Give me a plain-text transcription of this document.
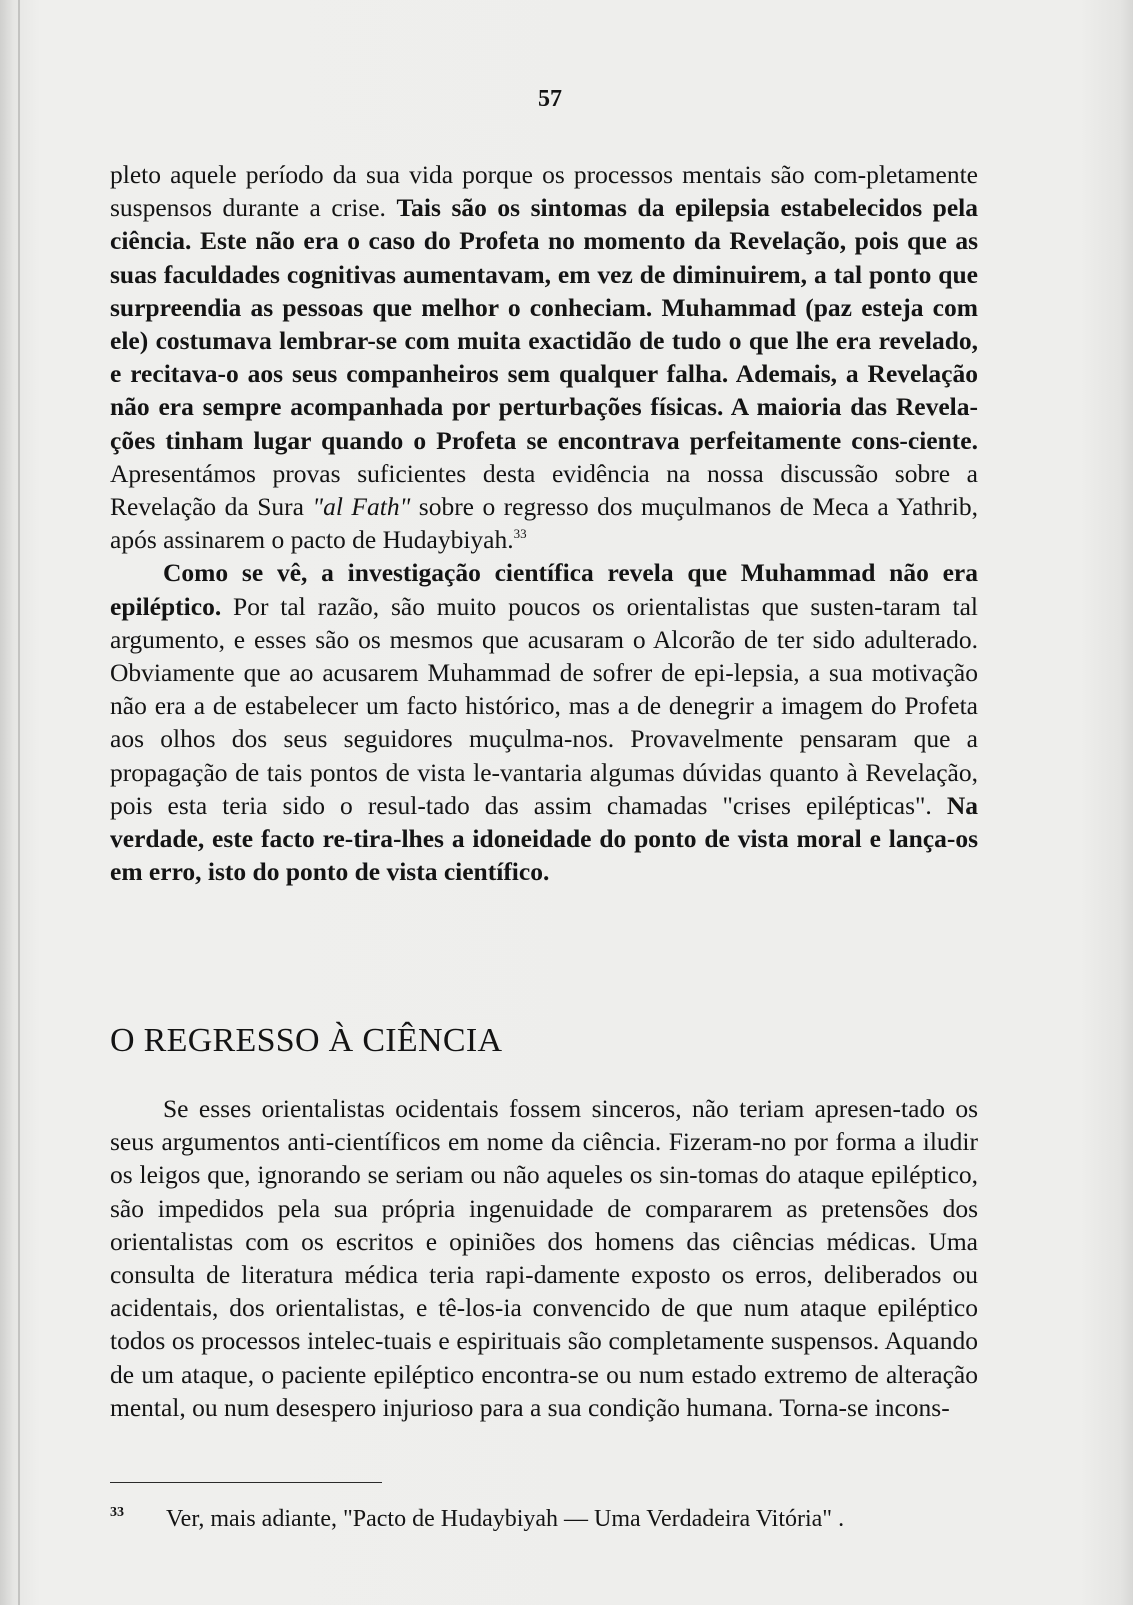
57

pleto aquele período da sua vida porque os processos mentais são com-pletamente suspensos durante a crise. Tais são os sintomas da epilepsia estabelecidos pela ciência. Este não era o caso do Profeta no momento da Revelação, pois que as suas faculdades cognitivas aumentavam, em vez de diminuirem, a tal ponto que surpreendia as pessoas que melhor o conheciam. Muhammad (paz esteja com ele) costumava lembrar-se com muita exactidão de tudo o que lhe era revelado, e recitava-o aos seus companheiros sem qualquer falha. Ademais, a Revelação não era sempre acompanhada por perturbações físicas. A maioria das Revela-ções tinham lugar quando o Profeta se encontrava perfeitamente cons-ciente. Apresentámos provas suficientes desta evidência na nossa discussão sobre a Revelação da Sura "al Fath" sobre o regresso dos muçulmanos de Meca a Yathrib, após assinarem o pacto de Hudaybiyah.$^{33}$

Como se vê, a investigação científica revela que Muhammad não era epiléptico. Por tal razão, são muito poucos os orientalistas que susten-taram tal argumento, e esses são os mesmos que acusaram o Alcorão de ter sido adulterado. Obviamente que ao acusarem Muhammad de sofrer de epi-lepsia, a sua motivação não era a de estabelecer um facto histórico, mas a de denegrir a imagem do Profeta aos olhos dos seus seguidores muçulma-nos. Provavelmente pensaram que a propagação de tais pontos de vista le-vantaria algumas dúvidas quanto à Revelação, pois esta teria sido o resul-tado das assim chamadas "crises epilépticas". Na verdade, este facto re-tira-lhes a idoneidade do ponto de vista moral e lança-os em erro, isto do ponto de vista científico.

O REGRESSO À CIÊNCIA

Se esses orientalistas ocidentais fossem sinceros, não teriam apresen-tado os seus argumentos anti-científicos em nome da ciência. Fizeram-no por forma a iludir os leigos que, ignorando se seriam ou não aqueles os sin-tomas do ataque epiléptico, são impedidos pela sua própria ingenuidade de compararem as pretensões dos orientalistas com os escritos e opiniões dos homens das ciências médicas. Uma consulta de literatura médica teria rapi-damente exposto os erros, deliberados ou acidentais, dos orientalistas, e tê-los-ia convencido de que num ataque epiléptico todos os processos intelec-tuais e espirituais são completamente suspensos. Aquando de um ataque, o paciente epiléptico encontra-se ou num estado extremo de alteração mental, ou num desespero injurioso para a sua condição humana. Torna-se incons-

33	Ver, mais adiante, "Pacto de Hudaybiyah — Uma Verdadeira Vitória" .
